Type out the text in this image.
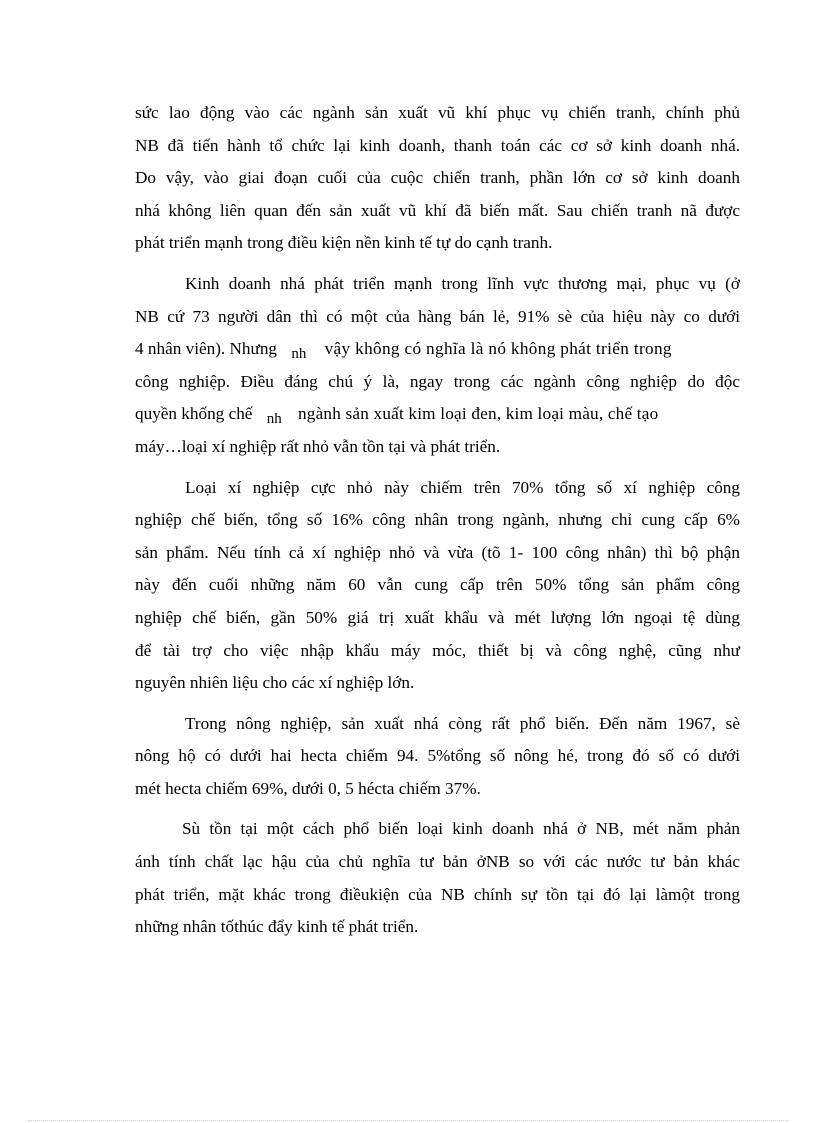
sức lao động vào các ngành sản xuất vũ khí phục vụ chiến tranh, chính phủ
NB đã tiến hành tổ chức lại kinh doanh, thanh toán các cơ sở kinh doanh nhá.
Do vậy, vào giai đoạn cuối của cuộc chiến tranh, phần lớn cơ sở kinh doanh
nhá không liên quan đến sản xuất vũ khí đã biến mất. Sau chiến tranh nã được
phát triển mạnh trong điều kiện nền kinh tế tự do cạnh tranh.
Kinh doanh nhá phát triển mạnh trong lĩnh vực thương mại, phục vụ (ở
NB cứ 73 người dân thì có một của hàng bán lẻ, 91% sè của hiệu này co dưới
4 nhân viên). Nhưng nh vậy không có nghĩa là nó không phát triển trong
công nghiệp. Điều đáng chú ý là, ngay trong các ngành công nghiệp do độc
quyền khống chế nh ngành sản xuất kim loại đen, kim loại màu, chế tạo
máy…loại xí nghiệp rất nhỏ vẫn tồn tại và phát triển.
Loại xí nghiệp cực nhỏ này chiếm trên 70% tổng số xí nghiệp công
nghiệp chế biến, tổng số 16% công nhân trong ngành, nhưng chỉ cung cấp 6%
sản phẩm. Nếu tính cả xí nghiệp nhỏ và vừa (tõ 1- 100 công nhân) thì bộ phận
này đến cuối những năm 60 vẫn cung cấp trên 50% tổng sản phẩm công
nghiệp chế biến, gần 50% giá trị xuất khẩu và mét lượng lớn ngoại tệ dùng
để tài trợ cho việc nhập khẩu máy móc, thiết bị và công nghệ, cũng như
nguyên nhiên liệu cho các xí nghiệp lớn.
Trong nông nghiệp, sản xuất nhá còng rất phổ biến. Đến năm 1967, sè
nông hộ có dưới hai hecta chiếm 94. 5%tổng số nông hé, trong đó số có dưới
mét hecta chiếm 69%, dưới 0, 5 hécta chiếm 37%.
Sù tồn tại một cách phổ biến loại kinh doanh nhá ở NB, mét năm phản
ánh tính chất lạc hậu của chủ nghĩa tư bản ởNB so với các nước tư bản khác
phát triển, mặt khác trong điềukiện của NB chính sự tồn tại đó lại làmột trong
những nhân tốthúc đẩy kinh tế phát triển.
